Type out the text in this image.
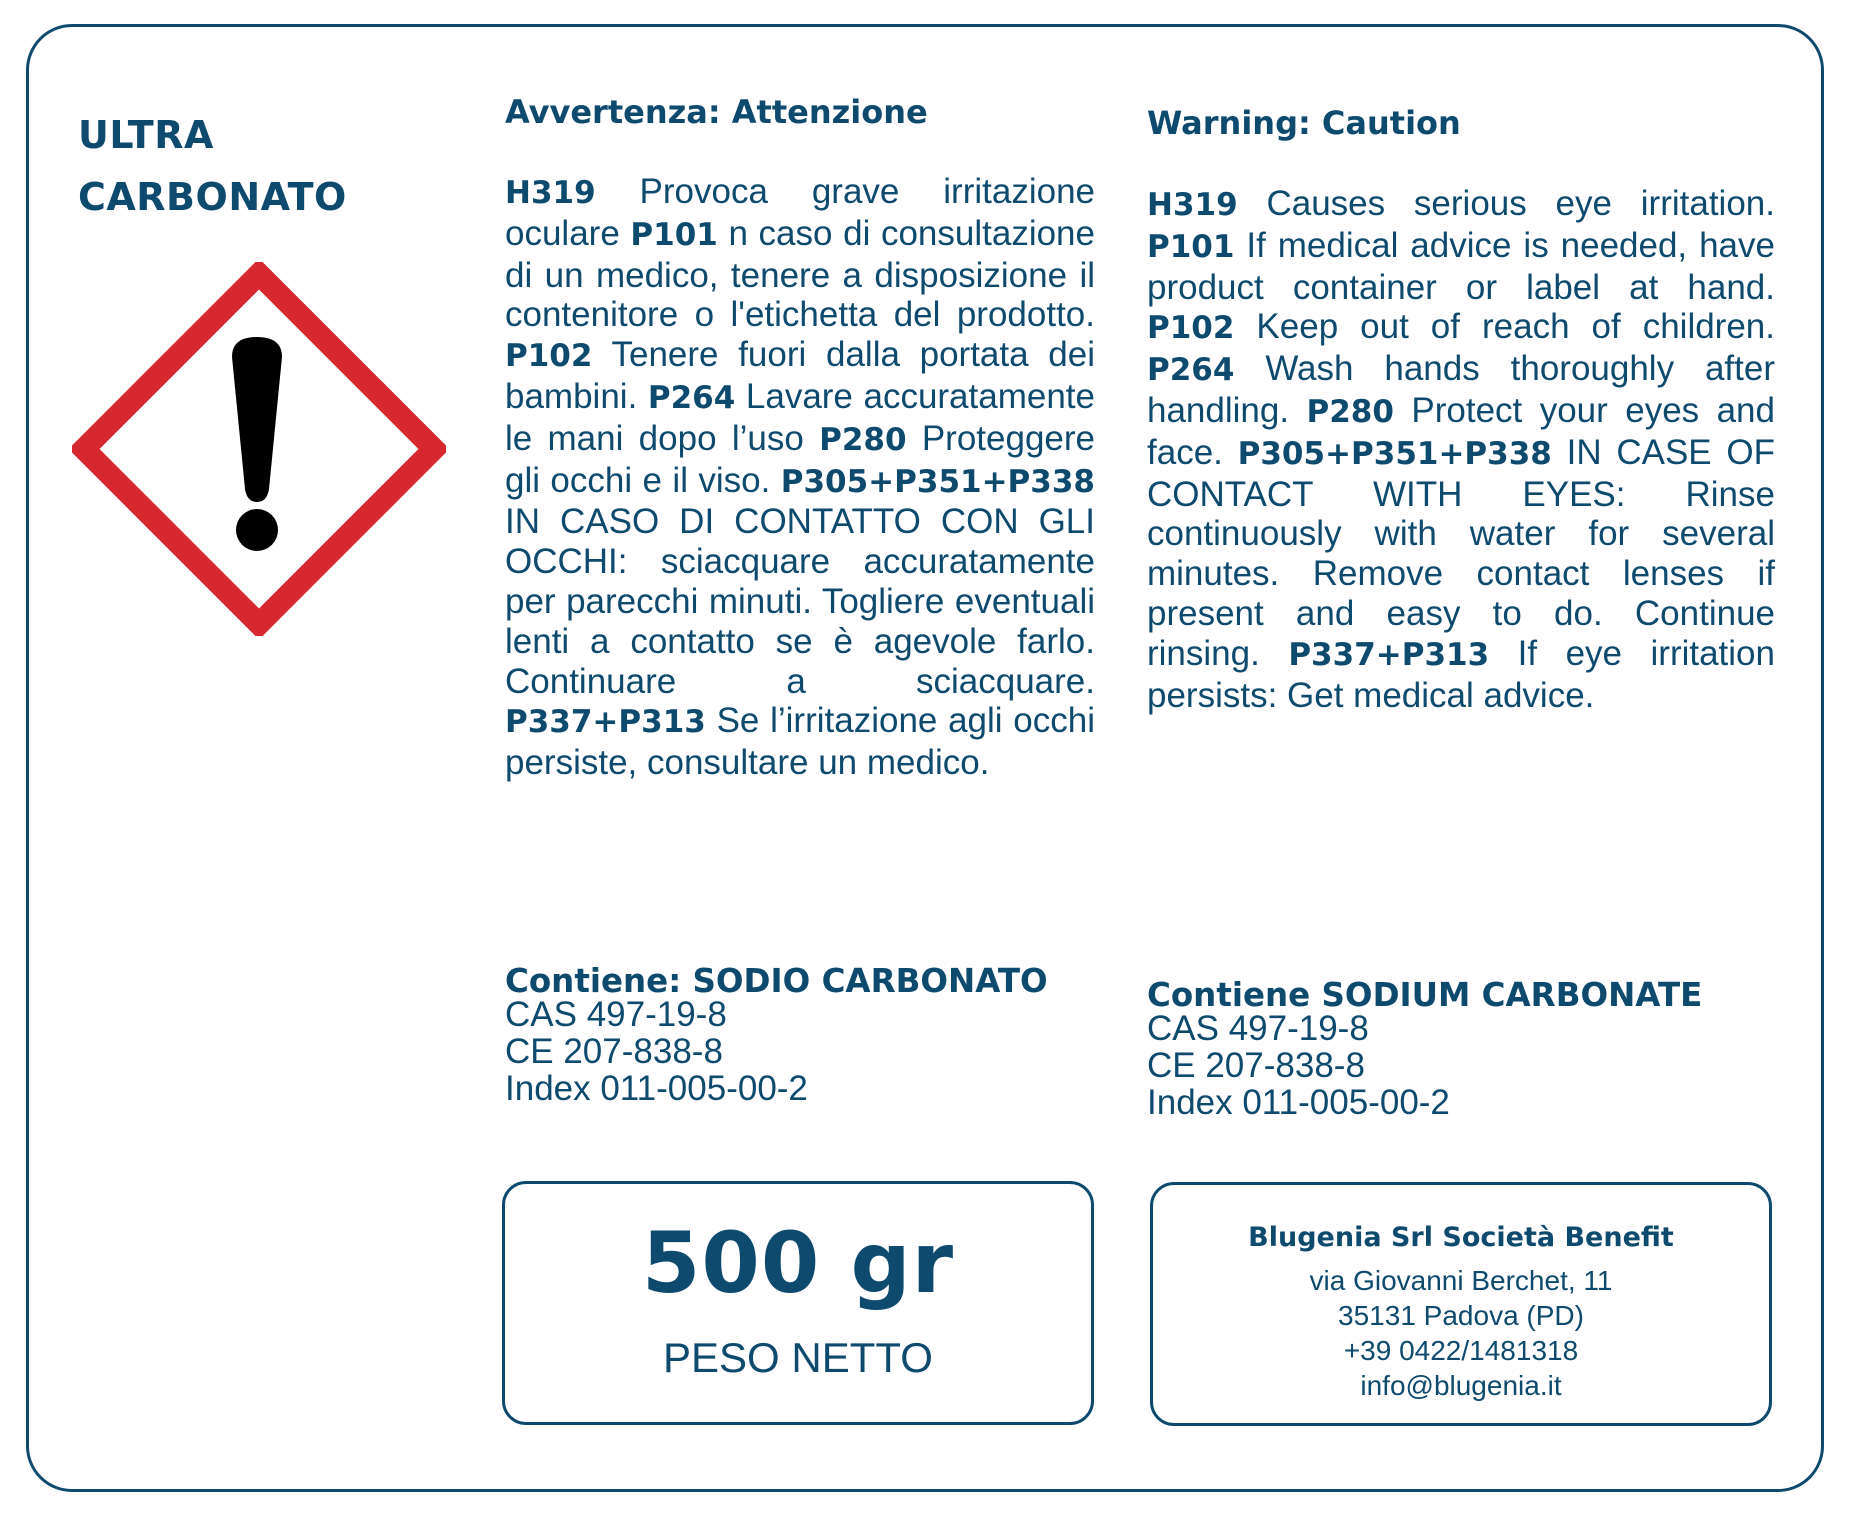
ULTRA
CARBONATO
Avvertenza: Attenzione
H319 Provoca grave irritazione oculare P101 n caso di consultazione di un medico, tenere a disposizione il contenitore o l'etichetta del prodotto. P102 Tenere fuori dalla portata dei bambini. P264 Lavare accuratamente le mani dopo l’uso P280 Proteggere gli occhi e il viso. P305+P351+P338 IN CASO DI CONTATTO CON GLI OCCHI: sciacquare accuratamente per parecchi minuti. Togliere eventuali lenti a contatto se è agevole farlo. Continuare a sciacquare. P337+P313 Se l’irritazione agli occhi persiste, consultare un medico.
Contiene: SODIO CARBONATO
CAS 497-19-8
CE 207-838-8
Index 011-005-00-2
Warning: Caution
H319 Causes serious eye irritation. P101 If medical advice is needed, have product container or label at hand. P102 Keep out of reach of children. P264 Wash hands thoroughly after handling. P280 Protect your eyes and face. P305+P351+P338 IN CASE OF CONTACT WITH EYES: Rinse continuously with water for several minutes. Remove contact lenses if present and easy to do. Continue rinsing. P337+P313 If eye irritation persists: Get medical advice.
Contiene SODIUM CARBONATE
CAS 497-19-8
CE 207-838-8
Index 011-005-00-2
500 gr
PESO NETTO
Blugenia Srl Società Benefit
via Giovanni Berchet, 11
35131 Padova (PD)
+39 0422/1481318
info@blugenia.it
